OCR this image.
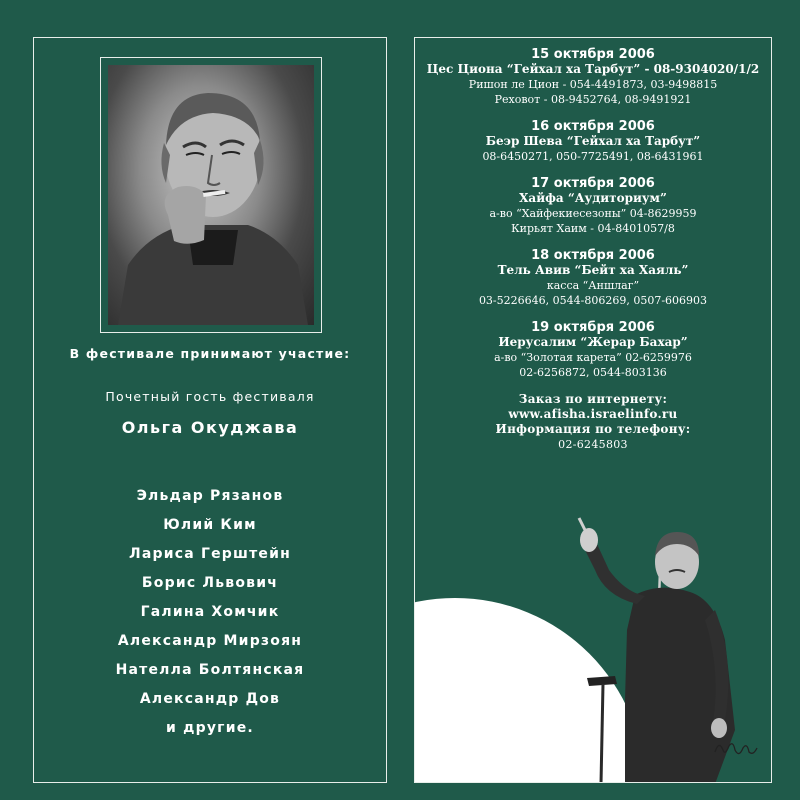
В фестивале принимают участие:
Почетный гость фестиваля
Ольга Окуджава
Эльдар Рязанов
Юлий Ким
Лариса Герштейн
Борис Львович
Галина Хомчик
Александр Мирзоян
Нателла Болтянская
Александр Дов
и другие.
15 октября 2006
Цес Циона “Гейхал ха Тарбут” - 08-9304020/1/2
Ришон ле Цион - 054-4491873, 03-9498815
Реховот - 08-9452764, 08-9491921
16 октября 2006
Беэр Шева “Гейхал ха Тарбут”
08-6450271, 050-7725491, 08-6431961
17 октября 2006
Хайфа “Аудиториум”
а-во “Хайфекиесезоны” 04-8629959
Кирьят Хаим - 04-8401057/8
18 октября 2006
Тель Авив “Бейт ха Хаяль”
касса “Аншлаг”
03-5226646, 0544-806269, 0507-606903
19 октября 2006
Иерусалим “Жерар Бахар”
а-во “Золотая карета” 02-6259976
02-6256872, 0544-803136
Заказ по интернету:
www.afisha.israelinfo.ru
Информация по телефону:
02-6245803
